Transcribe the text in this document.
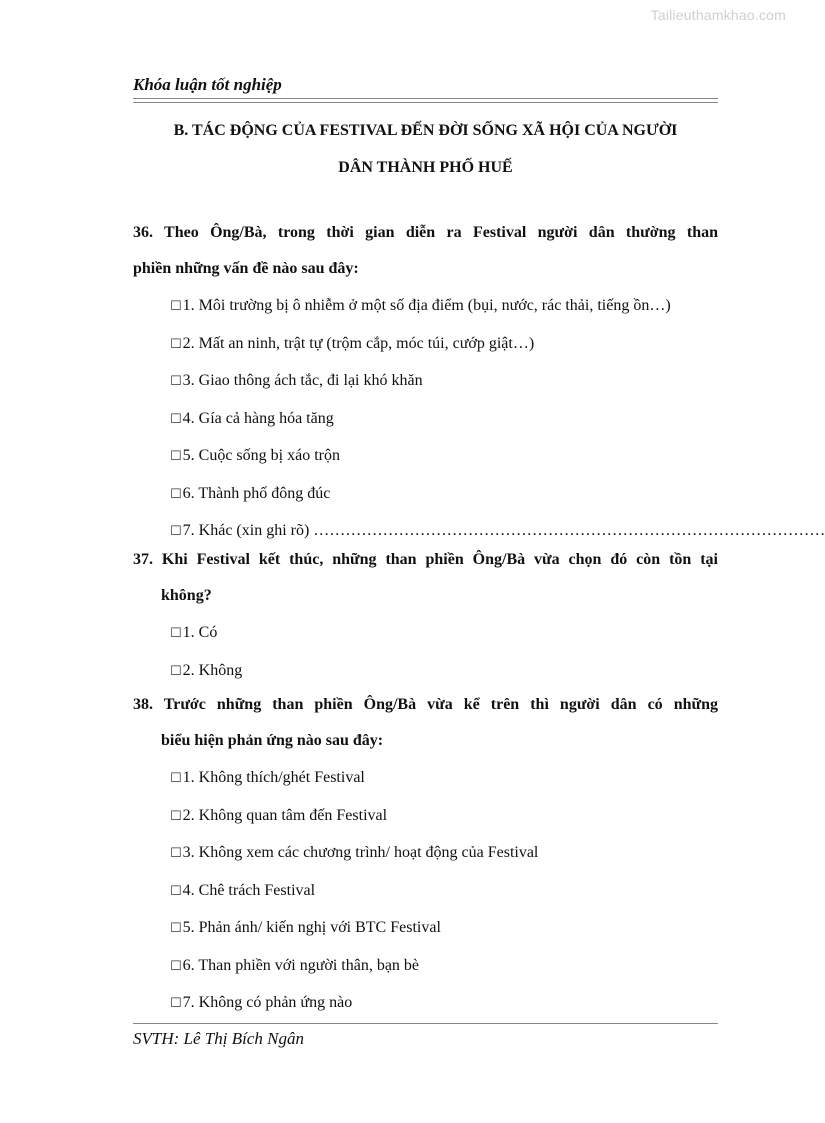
Tailieuthamkhao.com
Khóa luận tốt nghiệp
B. TÁC ĐỘNG CỦA FESTIVAL ĐẾN ĐỜI SỐNG XÃ HỘI CỦA NGƯỜI
DÂN THÀNH PHỐ HUẾ
36. Theo Ông/Bà, trong thời gian diễn ra Festival người dân thường than
phiền những vấn đề nào sau đây:
☐ 1. Môi trường bị ô nhiễm ở một số địa điểm (bụi, nước, rác thải, tiếng ồn…)
☐ 2. Mất an ninh, trật tự (trộm cắp, móc túi, cướp giật…)
☐ 3. Giao thông ách tắc, đi lại khó khăn
☐ 4. Gía cả hàng hóa tăng
☐ 5. Cuộc sống bị xáo trộn
☐ 6. Thành phố đông đúc
☐ 7. Khác (xin ghi rõ) ……………………………………………………………………………………
37. Khi Festival kết thúc, những than phiền Ông/Bà vừa chọn đó còn tồn tại
không?
☐ 1. Có
☐ 2. Không
38. Trước những than phiền Ông/Bà vừa kể trên thì người dân có những
biểu hiện phản ứng nào sau đây:
☐ 1. Không thích/ghét Festival
☐ 2. Không quan tâm đến Festival
☐ 3. Không xem các chương trình/ hoạt động của Festival
☐ 4. Chê trách Festival
☐ 5. Phản ánh/ kiến nghị với BTC Festival
☐ 6. Than phiền với người thân, bạn bè
☐ 7. Không có phản ứng nào
SVTH: Lê Thị Bích Ngân
